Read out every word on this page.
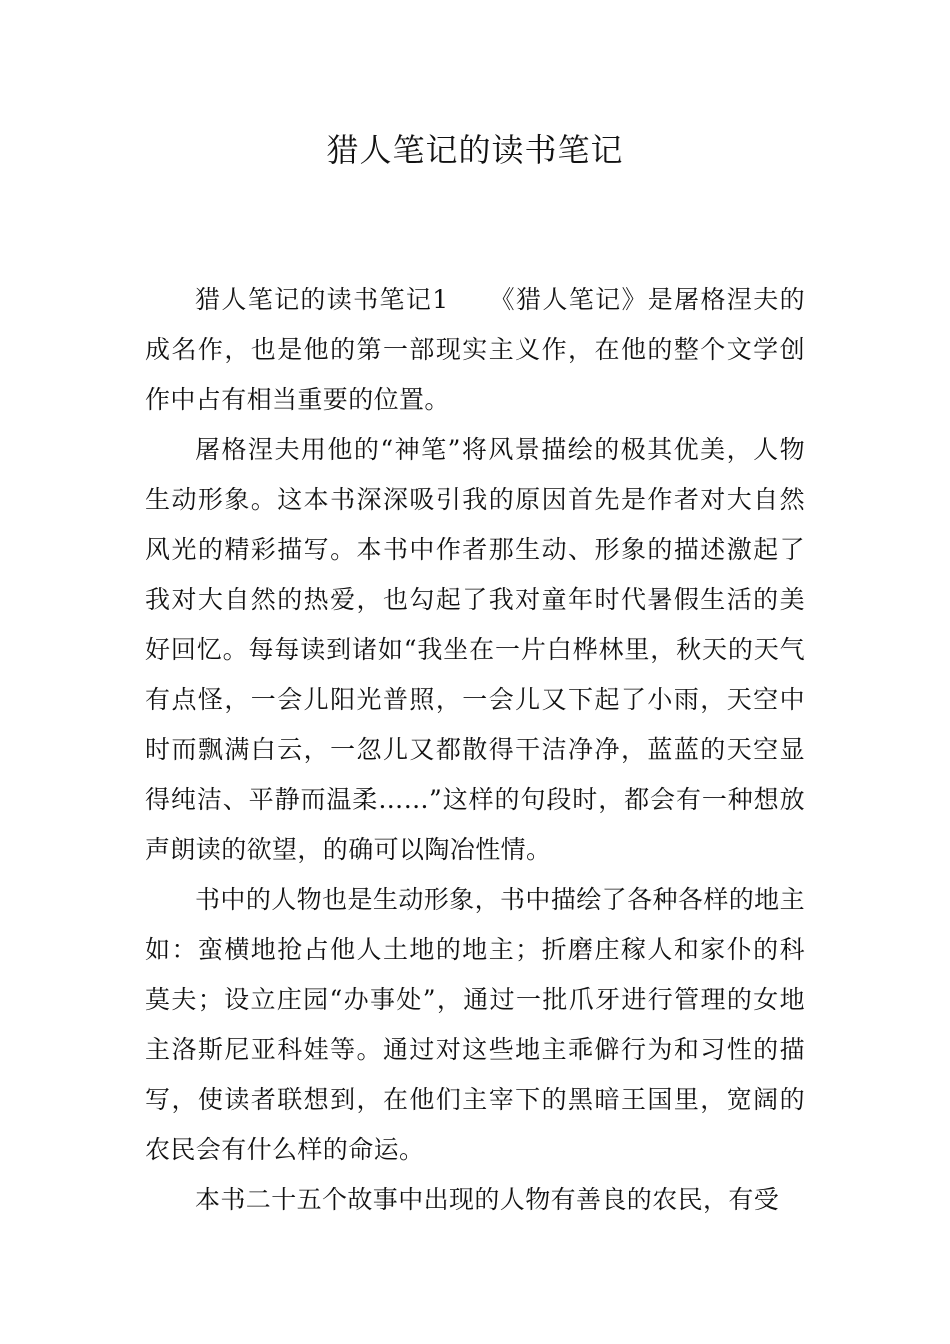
猎人笔记的读书笔记

猎人笔记的读书笔记1　　《猎人笔记》是屠格涅夫的成名作，也是他的第一部现实主义作，在他的整个文学创作中占有相当重要的位置。

屠格涅夫用他的“神笔”将风景描绘的极其优美，人物生动形象。这本书深深吸引我的原因首先是作者对大自然风光的精彩描写。本书中作者那生动、形象的描述激起了我对大自然的热爱，也勾起了我对童年时代暑假生活的美好回忆。每每读到诸如“我坐在一片白桦林里，秋天的天气有点怪，一会儿阳光普照，一会儿又下起了小雨，天空中时而飘满白云，一忽儿又都散得干洁净净，蓝蓝的天空显得纯洁、平静而温柔……”这样的句段时，都会有一种想放声朗读的欲望，的确可以陶冶性情。

书中的人物也是生动形象，书中描绘了各种各样的地主如：蛮横地抢占他人土地的地主；折磨庄稼人和家仆的科莫夫；设立庄园“办事处”，通过一批爪牙进行管理的女地主洛斯尼亚科娃等。通过对这些地主乖僻行为和习性的描写，使读者联想到，在他们主宰下的黑暗王国里，宽阔的农民会有什么样的命运。

本书二十五个故事中出现的人物有善良的农民，有受
